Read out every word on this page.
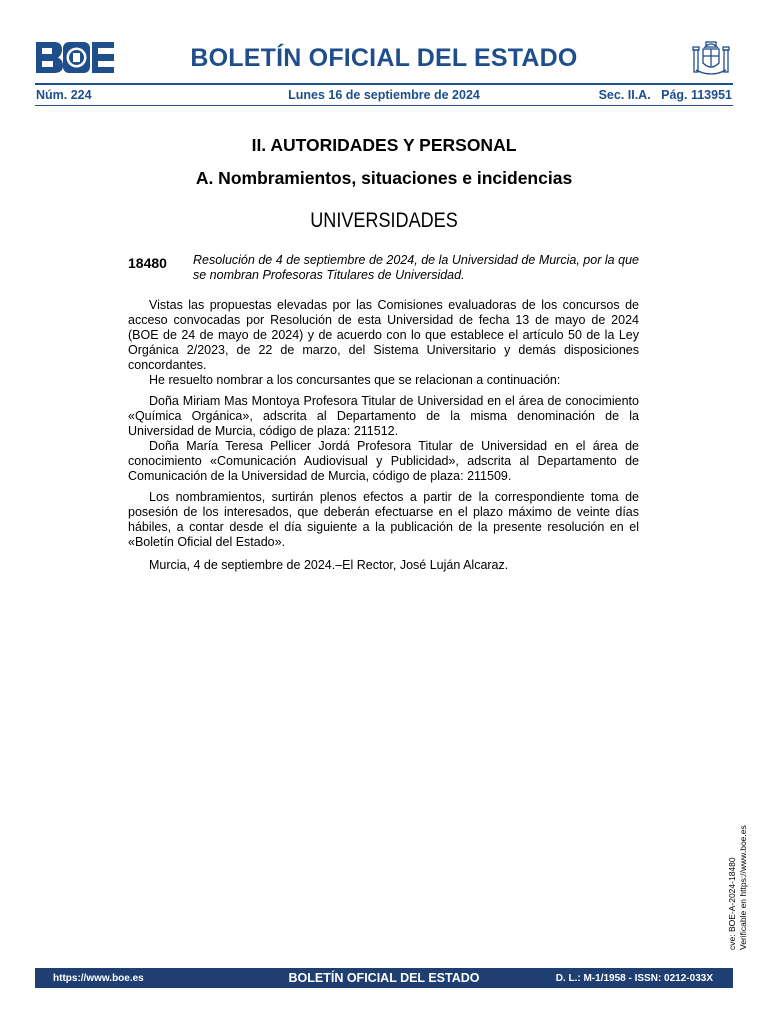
BOLETÍN OFICIAL DEL ESTADO
Núm. 224	Lunes 16 de septiembre de 2024	Sec. II.A.   Pág. 113951
II. AUTORIDADES Y PERSONAL
A. Nombramientos, situaciones e incidencias
UNIVERSIDADES
18480 Resolución de 4 de septiembre de 2024, de la Universidad de Murcia, por la que se nombran Profesoras Titulares de Universidad.

Vistas las propuestas elevadas por las Comisiones evaluadoras de los concursos de acceso convocadas por Resolución de esta Universidad de fecha 13 de mayo de 2024 (BOE de 24 de mayo de 2024) y de acuerdo con lo que establece el artículo 50 de la Ley Orgánica 2/2023, de 22 de marzo, del Sistema Universitario y demás disposiciones concordantes.

He resuelto nombrar a los concursantes que se relacionan a continuación:

Doña Miriam Mas Montoya Profesora Titular de Universidad en el área de conocimiento «Química Orgánica», adscrita al Departamento de la misma denominación de la Universidad de Murcia, código de plaza: 211512.

Doña María Teresa Pellicer Jordá Profesora Titular de Universidad en el área de conocimiento «Comunicación Audiovisual y Publicidad», adscrita al Departamento de Comunicación de la Universidad de Murcia, código de plaza: 211509.

Los nombramientos, surtirán plenos efectos a partir de la correspondiente toma de posesión de los interesados, que deberán efectuarse en el plazo máximo de veinte días hábiles, a contar desde el día siguiente a la publicación de la presente resolución en el «Boletín Oficial del Estado».

Murcia, 4 de septiembre de 2024.–El Rector, José Luján Alcaraz.

cve: BOE-A-2024-18480 Verificable en https://www.boe.es
https://www.boe.es	BOLETÍN OFICIAL DEL ESTADO	D. L.: M-1/1958 - ISSN: 0212-033X
